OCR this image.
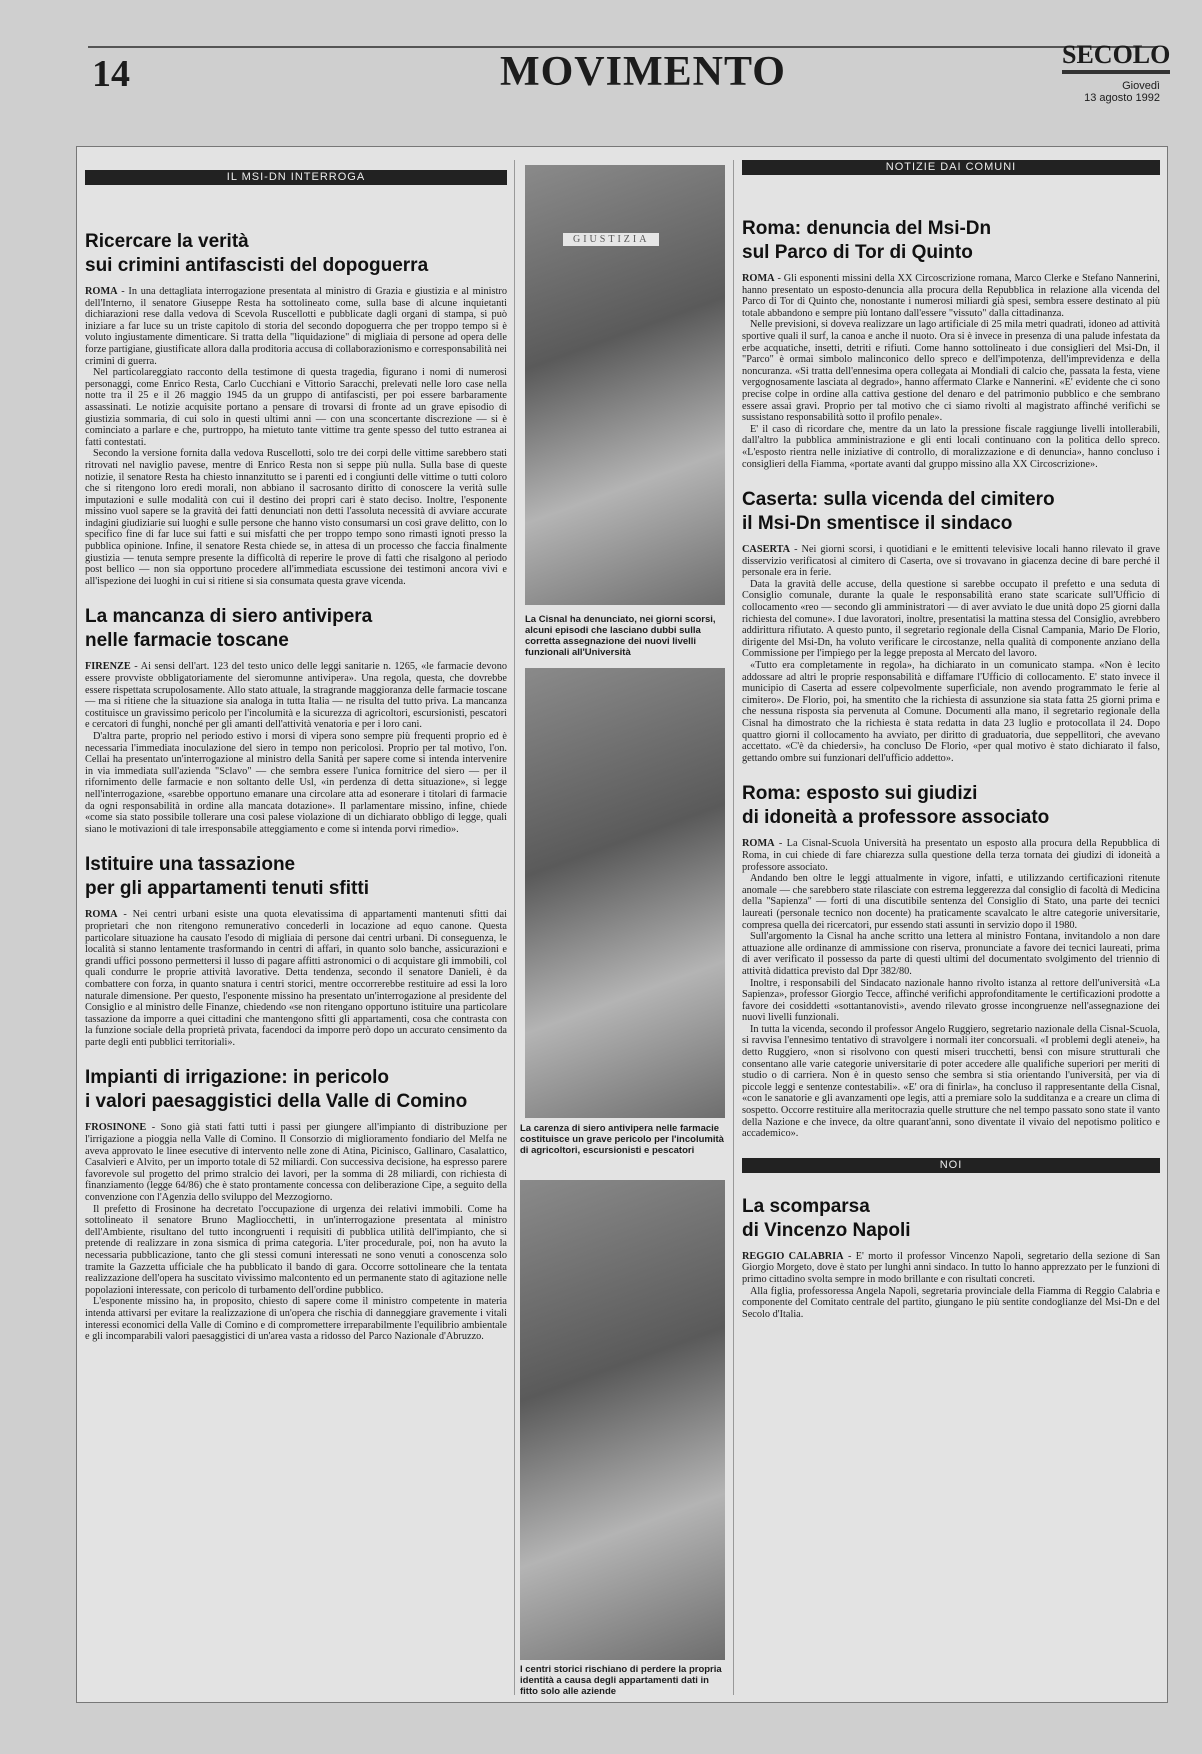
14	MOVIMENTO	SECOLO
Giovedì
13 agosto 1992
IL MSI-DN INTERROGA
Ricercare la verità
sui crimini antifascisti del dopoguerra

ROMA - In una dettagliata interrogazione presentata al ministro di Grazia e giustizia e al ministro dell'Interno, il senatore Giuseppe Resta ha sottolineato come, sulla base di alcune inquietanti dichiarazioni rese dalla vedova di Scevola Ruscellotti e pubblicate dagli organi di stampa, si può iniziare a far luce su un triste capitolo di storia del secondo dopoguerra che per troppo tempo si è voluto ingiustamente dimenticare. Si tratta della "liquidazione" di migliaia di persone ad opera delle forze partigiane, giustificate allora dalla proditoria accusa di collaborazionismo e corresponsabilità nei crimini di guerra.

Nel particolareggiato racconto della testimone di questa tragedia, figurano i nomi di numerosi personaggi, come Enrico Resta, Carlo Cucchiani e Vittorio Saracchi, prelevati nelle loro case nella notte tra il 25 e il 26 maggio 1945 da un gruppo di antifascisti, per poi essere barbaramente assassinati. Le notizie acquisite portano a pensare di trovarsi di fronte ad un grave episodio di giustizia sommaria, di cui solo in questi ultimi anni — con una sconcertante discrezione — si è cominciato a parlare e che, purtroppo, ha mietuto tante vittime tra gente spesso del tutto estranea ai fatti contestati.

Secondo la versione fornita dalla vedova Ruscellotti, solo tre dei corpi delle vittime sarebbero stati ritrovati nel naviglio pavese, mentre di Enrico Resta non si seppe più nulla. Sulla base di queste notizie, il senatore Resta ha chiesto innanzitutto se i parenti ed i congiunti delle vittime o tutti coloro che si ritengono loro eredi morali, non abbiano il sacrosanto diritto di conoscere la verità sulle imputazioni e sulle modalità con cui il destino dei propri cari è stato deciso. Inoltre, l'esponente missino vuol sapere se la gravità dei fatti denunciati non detti l'assoluta necessità di avviare accurate indagini giudiziarie sui luoghi e sulle persone che hanno visto consumarsi un così grave delitto, con lo specifico fine di far luce sui fatti e sui misfatti che per troppo tempo sono rimasti ignoti presso la pubblica opinione. Infine, il senatore Resta chiede se, in attesa di un processo che faccia finalmente giustizia — tenuta sempre presente la difficoltà di reperire le prove di fatti che risalgono al periodo post bellico — non sia opportuno procedere all'immediata escussione dei testimoni ancora vivi e all'ispezione dei luoghi in cui si ritiene si sia consumata questa grave vicenda.

La mancanza di siero antivipera
nelle farmacie toscane

FIRENZE - Ai sensi dell'art. 123 del testo unico delle leggi sanitarie n. 1265, «le farmacie devono essere provviste obbligatoriamente del sieromunne antivipera». Una regola, questa, che dovrebbe essere rispettata scrupolosamente. Allo stato attuale, la stragrande maggioranza delle farmacie toscane — ma si ritiene che la situazione sia analoga in tutta Italia — ne risulta del tutto priva. La mancanza costituisce un gravissimo pericolo per l'incolumità e la sicurezza di agricoltori, escursionisti, pescatori e cercatori di funghi, nonché per gli amanti dell'attività venatoria e per i loro cani.

D'altra parte, proprio nel periodo estivo i morsi di vipera sono sempre più frequenti proprio ed è necessaria l'immediata inoculazione del siero in tempo non pericolosi. Proprio per tal motivo, l'on. Cellai ha presentato un'interrogazione al ministro della Sanità per sapere come si intenda intervenire in via immediata sull'azienda "Sclavo" — che sembra essere l'unica fornitrice del siero — per il rifornimento delle farmacie e non soltanto delle Usl, «in perdenza di detta situazione», si legge nell'interrogazione, «sarebbe opportuno emanare una circolare atta ad esonerare i titolari di farmacie da ogni responsabilità in ordine alla mancata dotazione». Il parlamentare missino, infine, chiede «come sia stato possibile tollerare una così palese violazione di un dichiarato obbligo di legge, quali siano le motivazioni di tale irresponsabile atteggiamento e come si intenda porvi rimedio».

Istituire una tassazione
per gli appartamenti tenuti sfitti

ROMA - Nei centri urbani esiste una quota elevatissima di appartamenti mantenuti sfitti dai proprietari che non ritengono remunerativo concederli in locazione ad equo canone. Questa particolare situazione ha causato l'esodo di migliaia di persone dai centri urbani. Di conseguenza, le località si stanno lentamente trasformando in centri di affari, in quanto solo banche, assicurazioni e grandi uffici possono permettersi il lusso di pagare affitti astronomici o di acquistare gli immobili, col quali condurre le proprie attività lavorative. Detta tendenza, secondo il senatore Danieli, è da combattere con forza, in quanto snatura i centri storici, mentre occorrerebbe restituire ad essi la loro naturale dimensione. Per questo, l'esponente missino ha presentato un'interrogazione al presidente del Consiglio e al ministro delle Finanze, chiedendo «se non ritengano opportuno istituire una particolare tassazione da imporre a quei cittadini che mantengono sfitti gli appartamenti, cosa che contrasta con la funzione sociale della proprietà privata, facendoci da imporre però dopo un accurato censimento da parte degli enti pubblici territoriali».

Impianti di irrigazione: in pericolo
i valori paesaggistici della Valle di Comino

FROSINONE - Sono già stati fatti tutti i passi per giungere all'impianto di distribuzione per l'irrigazione a pioggia nella Valle di Comino. Il Consorzio di miglioramento fondiario del Melfa ne aveva approvato le linee esecutive di intervento nelle zone di Atina, Picinisco, Gallinaro, Casalattico, Casalvieri e Alvito, per un importo totale di 52 miliardi. Con successiva decisione, ha espresso parere favorevole sul progetto del primo stralcio dei lavori, per la somma di 28 miliardi, con richiesta di finanziamento (legge 64/86) che è stato prontamente concessa con deliberazione Cipe, a seguito della convenzione con l'Agenzia dello sviluppo del Mezzogiorno.

Il prefetto di Frosinone ha decretato l'occupazione di urgenza dei relativi immobili. Come ha sottolineato il senatore Bruno Magliocchetti, in un'interrogazione presentata al ministro dell'Ambiente, risultano del tutto incongruenti i requisiti di pubblica utilità dell'impianto, che si pretende di realizzare in zona sismica di prima categoria. L'iter procedurale, poi, non ha avuto la necessaria pubblicazione, tanto che gli stessi comuni interessati ne sono venuti a conoscenza solo tramite la Gazzetta ufficiale che ha pubblicato il bando di gara. Occorre sottolineare che la tentata realizzazione dell'opera ha suscitato vivissimo malcontento ed un permanente stato di agitazione nelle popolazioni interessate, con pericolo di turbamento dell'ordine pubblico.

L'esponente missino ha, in proposito, chiesto di sapere come il ministro competente in materia intenda attivarsi per evitare la realizzazione di un'opera che rischia di danneggiare gravemente i vitali interessi economici della Valle di Comino e di compromettere irreparabilmente l'equilibrio ambientale e gli incomparabili valori paesaggistici di un'area vasta a ridosso del Parco Nazionale d'Abruzzo.

GIUSTIZIA
La Cisnal ha denunciato, nei giorni scorsi, alcuni episodi che lasciano dubbi sulla corretta assegnazione dei nuovi livelli funzionali all'Università
La carenza di siero antivipera nelle farmacie costituisce un grave pericolo per l'incolumità di agricoltori, escursionisti e pescatori
I centri storici rischiano di perdere la propria identità a causa degli appartamenti dati in fitto solo alle aziende
NOTIZIE DAI COMUNI
Roma: denuncia del Msi-Dn
sul Parco di Tor di Quinto

ROMA - Gli esponenti missini della XX Circoscrizione romana, Marco Clerke e Stefano Nannerini, hanno presentato un esposto-denuncia alla procura della Repubblica in relazione alla vicenda del Parco di Tor di Quinto che, nonostante i numerosi miliardi già spesi, sembra essere destinato al più totale abbandono e sempre più lontano dall'essere "vissuto" dalla cittadinanza.

Nelle previsioni, si doveva realizzare un lago artificiale di 25 mila metri quadrati, idoneo ad attività sportive quali il surf, la canoa e anche il nuoto. Ora si è invece in presenza di una palude infestata da erbe acquatiche, insetti, detriti e rifiuti. Come hanno sottolineato i due consiglieri del Msi-Dn, il "Parco" è ormai simbolo malinconico dello spreco e dell'impotenza, dell'imprevidenza e della noncuranza. «Si tratta dell'ennesima opera collegata ai Mondiali di calcio che, passata la festa, viene vergognosamente lasciata al degrado», hanno affermato Clarke e Nannerini. «E' evidente che ci sono precise colpe in ordine alla cattiva gestione del denaro e del patrimonio pubblico e che sembrano essere assai gravi. Proprio per tal motivo che ci siamo rivolti al magistrato affinché verifichi se sussistano responsabilità sotto il profilo penale».

E' il caso di ricordare che, mentre da un lato la pressione fiscale raggiunge livelli intollerabili, dall'altro la pubblica amministrazione e gli enti locali continuano con la politica dello spreco. «L'esposto rientra nelle iniziative di controllo, di moralizzazione e di denuncia», hanno concluso i consiglieri della Fiamma, «portate avanti dal gruppo missino alla XX Circoscrizione».

Caserta: sulla vicenda del cimitero
il Msi-Dn smentisce il sindaco

CASERTA - Nei giorni scorsi, i quotidiani e le emittenti televisive locali hanno rilevato il grave disservizio verificatosi al cimitero di Caserta, ove si trovavano in giacenza decine di bare perché il personale era in ferie.

Data la gravità delle accuse, della questione si sarebbe occupato il prefetto e una seduta di Consiglio comunale, durante la quale le responsabilità erano state scaricate sull'Ufficio di collocamento «reo — secondo gli amministratori — di aver avviato le due unità dopo 25 giorni dalla richiesta del comune». I due lavoratori, inoltre, presentatisi la mattina stessa del Consiglio, avrebbero addirittura rifiutato. A questo punto, il segretario regionale della Cisnal Campania, Mario De Florio, dirigente del Msi-Dn, ha voluto verificare le circostanze, nella qualità di componente anziano della Commissione per l'impiego per la legge preposta al Mercato del lavoro.

«Tutto era completamente in regola», ha dichiarato in un comunicato stampa. «Non è lecito addossare ad altri le proprie responsabilità e diffamare l'Ufficio di collocamento. E' stato invece il municipio di Caserta ad essere colpevolmente superficiale, non avendo programmato le ferie al cimitero». De Florio, poi, ha smentito che la richiesta di assunzione sia stata fatta 25 giorni prima e che nessuna risposta sia pervenuta al Comune. Documenti alla mano, il segretario regionale della Cisnal ha dimostrato che la richiesta è stata redatta in data 23 luglio e protocollata il 24. Dopo quattro giorni il collocamento ha avviato, per diritto di graduatoria, due seppellitori, che avevano accettato. «C'è da chiedersi», ha concluso De Florio, «per qual motivo è stato dichiarato il falso, gettando ombre sui funzionari dell'ufficio addetto».

Roma: esposto sui giudizi
di idoneità a professore associato

ROMA - La Cisnal-Scuola Università ha presentato un esposto alla procura della Repubblica di Roma, in cui chiede di fare chiarezza sulla questione della terza tornata dei giudizi di idoneità a professore associato.

Andando ben oltre le leggi attualmente in vigore, infatti, e utilizzando certificazioni ritenute anomale — che sarebbero state rilasciate con estrema leggerezza dal consiglio di facoltà di Medicina della "Sapienza" — forti di una discutibile sentenza del Consiglio di Stato, una parte dei tecnici laureati (personale tecnico non docente) ha praticamente scavalcato le altre categorie universitarie, compresa quella dei ricercatori, pur essendo stati assunti in servizio dopo il 1980.

Sull'argomento la Cisnal ha anche scritto una lettera al ministro Fontana, invitandolo a non dare attuazione alle ordinanze di ammissione con riserva, pronunciate a favore dei tecnici laureati, prima di aver verificato il possesso da parte di questi ultimi del documentato svolgimento del triennio di attività didattica previsto dal Dpr 382/80.

Inoltre, i responsabili del Sindacato nazionale hanno rivolto istanza al rettore dell'università «La Sapienza», professor Giorgio Tecce, affinché verifichi approfonditamente le certificazioni prodotte a favore dei cosiddetti «sottantanovisti», avendo rilevato grosse incongruenze nell'assegnazione dei nuovi livelli funzionali.

In tutta la vicenda, secondo il professor Angelo Ruggiero, segretario nazionale della Cisnal-Scuola, si ravvisa l'ennesimo tentativo di stravolgere i normali iter concorsuali. «I problemi degli atenei», ha detto Ruggiero, «non si risolvono con questi miseri trucchetti, bensì con misure strutturali che consentano alle varie categorie universitarie di poter accedere alle qualifiche superiori per meriti di studio o di carriera. Non è in questo senso che sembra si stia orientando l'università, per via di piccole leggi e sentenze contestabili». «E' ora di finirla», ha concluso il rappresentante della Cisnal, «con le sanatorie e gli avanzamenti ope legis, atti a premiare solo la sudditanza e a creare un clima di sospetto. Occorre restituire alla meritocrazia quelle strutture che nel tempo passato sono state il vanto della Nazione e che invece, da oltre quarant'anni, sono diventate il vivaio del nepotismo politico e accademico».

NOI
La scomparsa
di Vincenzo Napoli

REGGIO CALABRIA - E' morto il professor Vincenzo Napoli, segretario della sezione di San Giorgio Morgeto, dove è stato per lunghi anni sindaco. In tutto lo hanno apprezzato per le funzioni di primo cittadino svolta sempre in modo brillante e con risultati concreti.

Alla figlia, professoressa Angela Napoli, segretaria provinciale della Fiamma di Reggio Calabria e componente del Comitato centrale del partito, giungano le più sentite condoglianze del Msi-Dn e del Secolo d'Italia.
